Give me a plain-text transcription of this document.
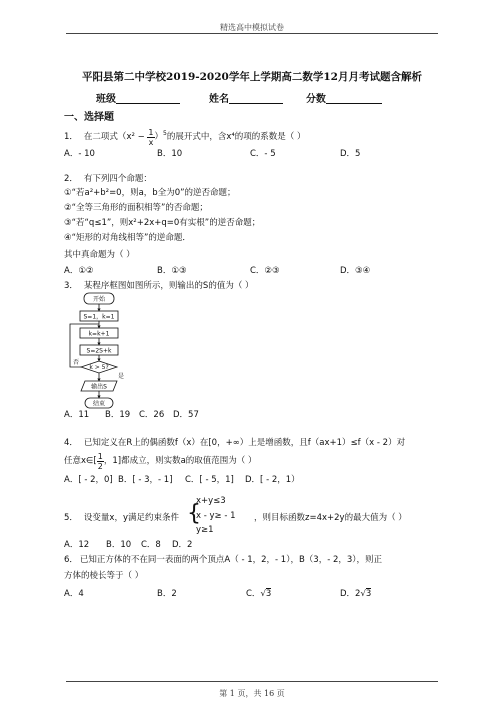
精选高中模拟试卷
平阳县第二中学校2019-2020学年上学期高二数学12月月考试题含解析
班级	姓名	分数
一、选择题
1． 在二项式$(x^2 - \frac{1}{x} )^5$的展开式中，含x⁴的项的系数是（ ）
A．- 10	B．10	C．- 5	D．5
2． 有下列四个命题：
①“若a²+b²=0，则a，b全为0”的逆否命题；
②“全等三角形的面积相等”的否命题；
③“若“q≤1”，则x²+2x+q=0有实根”的逆否命题；
④“矩形的对角线相等”的逆命题．
其中真命题为（ ）
A．①②	B．①③	C．②③	D．③④
3． 某程序框图如图所示，则输出的S的值为（ ）
开始
S=1，k=1
k=k+1
S=2S+k
k > 5?
否
是
输出S
结束
A．11 B．19 C．26 D．57
4． 已知定义在R上的偶函数f（x）在[0，+∞）上是增函数，且f（ax+1）≤f（x - 2）对
任意x∈[ $\frac{1}{2}$ ，1]都成立，则实数a的取值范围为（ ）
A．[ - 2，0] B．[ - 3，- 1] C．[ - 5，1] D．[ - 2，1）
5． 设变量x，y满足约束条件 {
x+y≤3
x - y≥ - 1
y≥1
，则目标函数z=4x+2y的最大值为（ ）
A．12 B．10 C．8 D．2
6． 已知正方体的不在同一表面的两个顶点A（ - 1，2，- 1），B（3，- 2，3），则正
方体的棱长等于（ ）
A．4	B．2	C．√3	D．2√3
第 1 页，共 16 页
